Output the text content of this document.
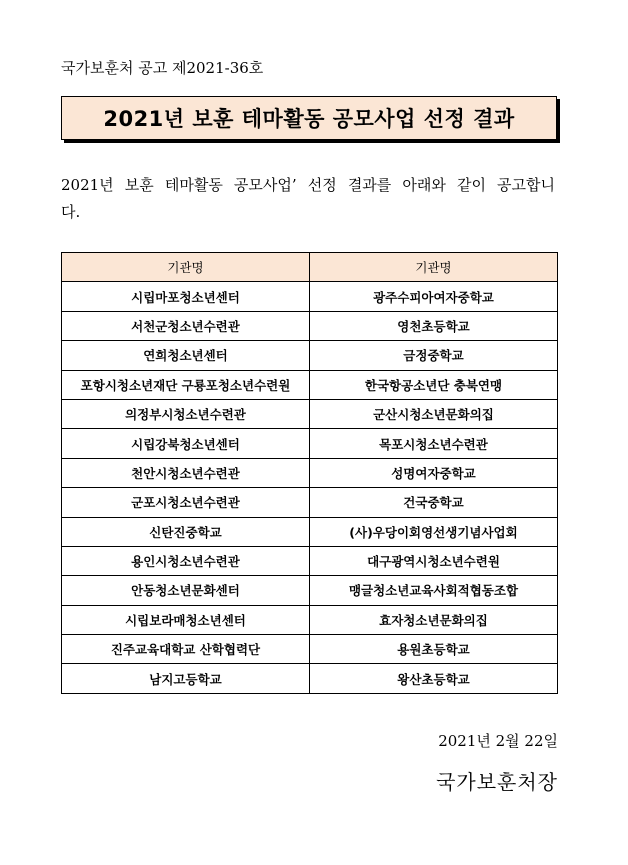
국가보훈처 공고 제2021-36호
2021년 보훈 테마활동 공모사업 선정 결과
2021년 보훈 테마활동 공모사업’ 선정 결과를 아래와 같이 공고합니다.
기관명	기관명
시립마포청소년센터	광주수피아여자중학교
서천군청소년수련관	영천초등학교
연희청소년센터	금정중학교
포항시청소년재단 구룡포청소년수련원	한국항공소년단 충북연맹
의정부시청소년수련관	군산시청소년문화의집
시립강북청소년센터	목포시청소년수련관
천안시청소년수련관	성명여자중학교
군포시청소년수련관	건국중학교
신탄진중학교	(사)우당이회영선생기념사업회
용인시청소년수련관	대구광역시청소년수련원
안동청소년문화센터	맹글청소년교육사회적협동조합
시립보라매청소년센터	효자청소년문화의집
진주교육대학교 산학협력단	용원초등학교
남지고등학교	왕산초등학교
2021년 2월 22일
국가보훈처장
